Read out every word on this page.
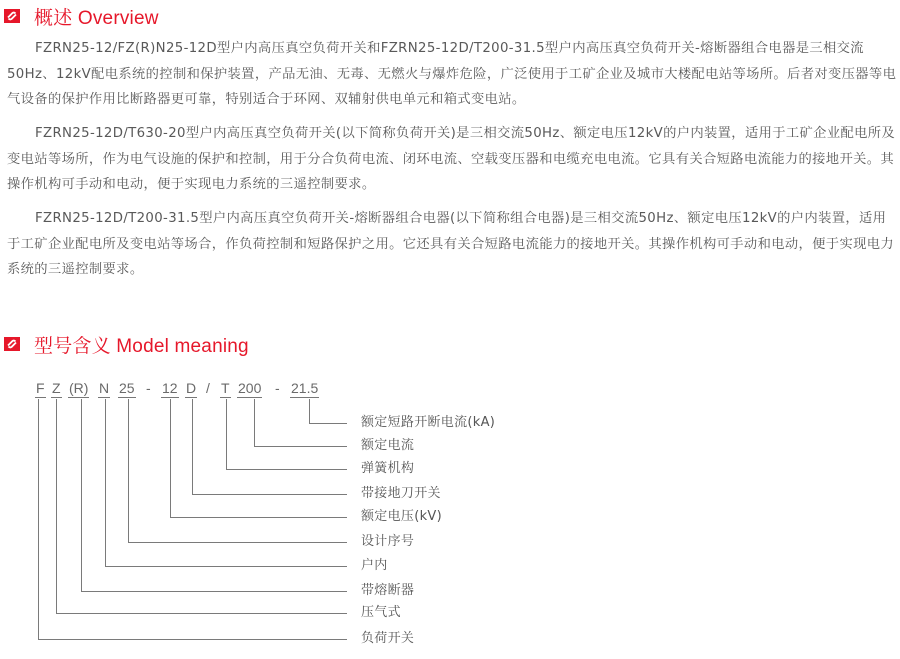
概述 Overview

FZRN25-12/FZ(R)N25-12D型户内高压真空负荷开关和FZRN25-12D/T200-31.5型户内高压真空负荷开关-熔断器组合电器是三相交流50Hz、12kV配电系统的控制和保护装置，产品无油、无毒、无燃火与爆炸危险，广泛使用于工矿企业及城市大楼配电站等场所。后者对变压器等电气设备的保护作用比断路器更可靠，特别适合于环网、双辅射供电单元和箱式变电站。

FZRN25-12D/T630-20型户内高压真空负荷开关(以下简称负荷开关)是三相交流50Hz、额定电压12kV的户内装置，适用于工矿企业配电所及变电站等场所，作为电气设施的保护和控制，用于分合负荷电流、闭环电流、空载变压器和电缆充电电流。它具有关合短路电流能力的接地开关。其操作机构可手动和电动，便于实现电力系统的三遥控制要求。

FZRN25-12D/T200-31.5型户内高压真空负荷开关-熔断器组合电器(以下简称组合电器)是三相交流50Hz、额定电压12kV的户内装置，适用于工矿企业配电所及变电站等场合，作负荷控制和短路保护之用。它还具有关合短路电流能力的接地开关。其操作机构可手动和电动，便于实现电力系统的三遥控制要求。

型号含义 Model meaning
F Z (R) N 25 - 12 D / T 200 - 21.5
额定短路开断电流(kA)
额定电流
弹簧机构
带接地刀开关
额定电压(kV)
设计序号
户内
带熔断器
压气式
负荷开关
